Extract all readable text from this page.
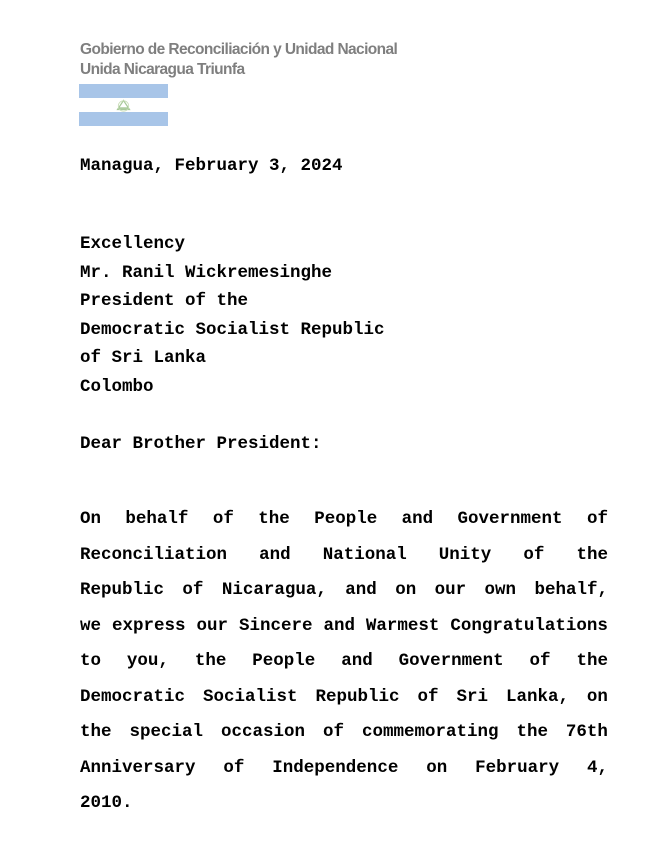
Gobierno de Reconciliación y Unidad Nacional
Unida Nicaragua Triunfa
Managua, February 3, 2024
Excellency
Mr. Ranil Wickremesinghe
President of the
Democratic Socialist Republic
of Sri Lanka
Colombo
Dear Brother President:
On behalf of the People and Government of
Reconciliation and National Unity of the
Republic of Nicaragua, and on our own behalf,
we express our Sincere and Warmest Congratulations
to you, the People and Government of the
Democratic Socialist Republic of Sri Lanka, on
the special occasion of commemorating the 76th
Anniversary of Independence on February 4,
2010.
